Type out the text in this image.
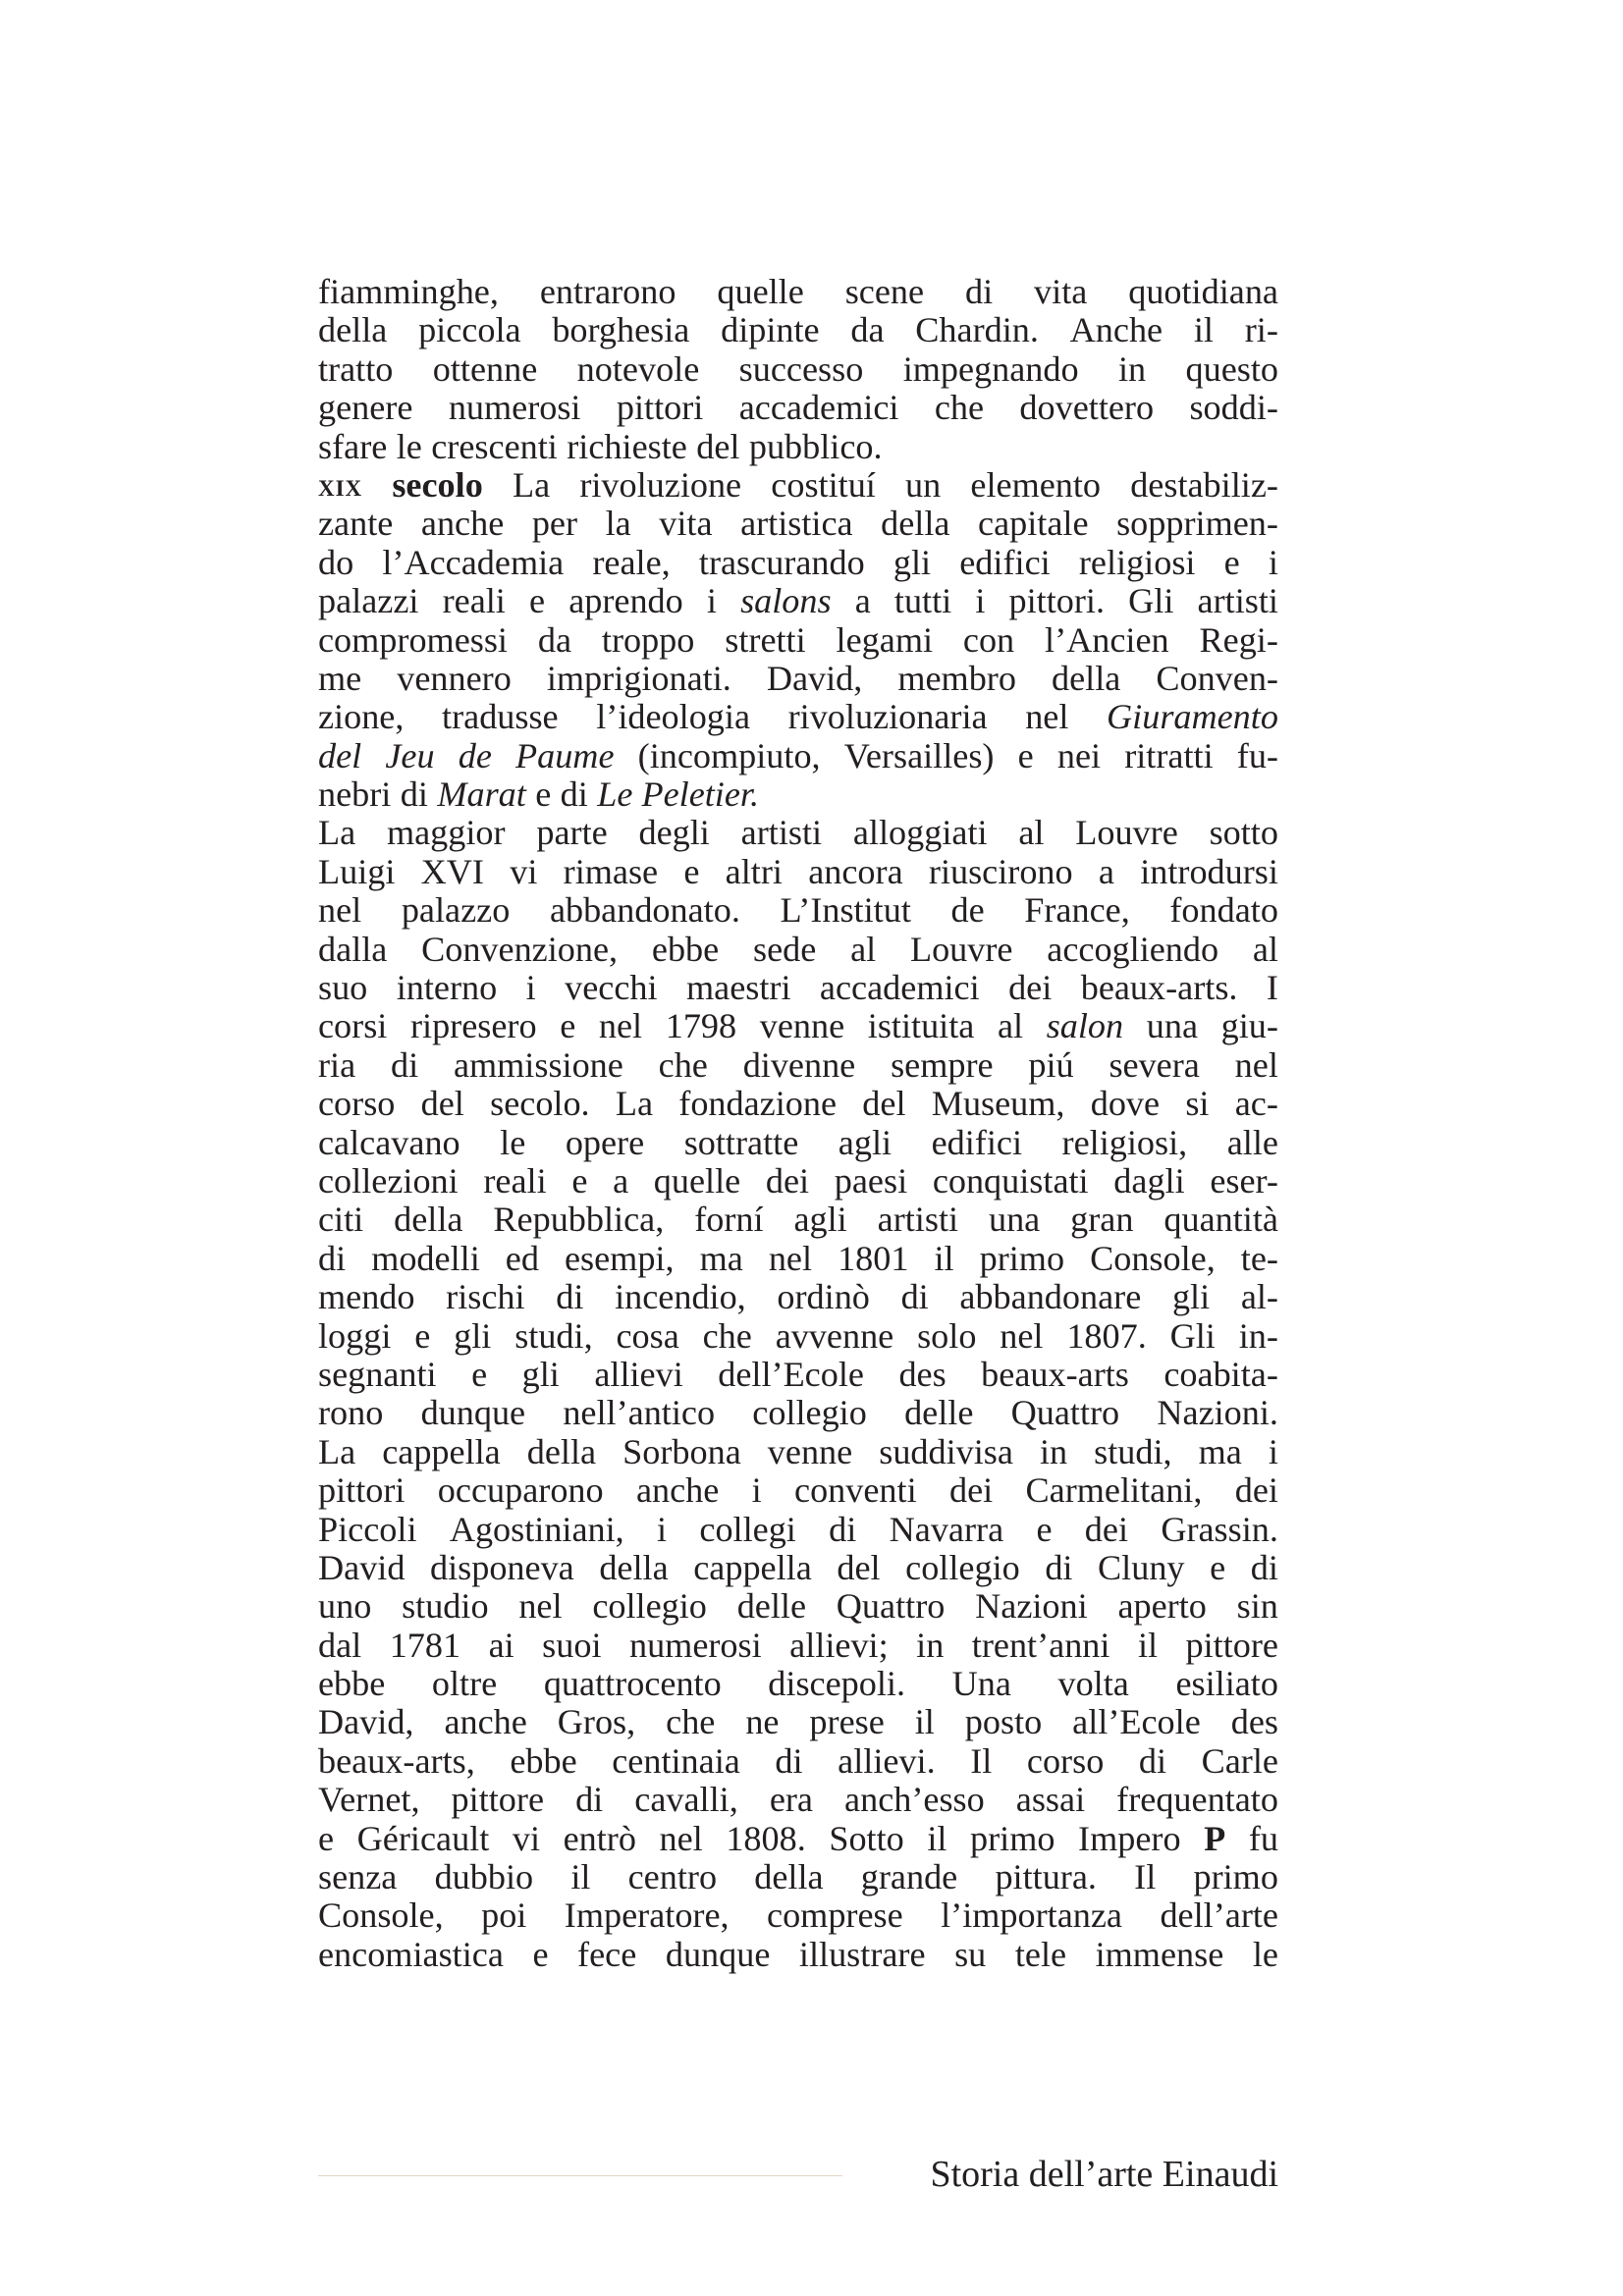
fiamminghe, entrarono quelle scene di vita quotidiana
della piccola borghesia dipinte da Chardin. Anche il ri-
tratto ottenne notevole successo impegnando in questo
genere numerosi pittori accademici che dovettero soddi-
sfare le crescenti richieste del pubblico.
xix secolo La rivoluzione costituí un elemento destabiliz-
zante anche per la vita artistica della capitale sopprimen-
do l’Accademia reale, trascurando gli edifici religiosi e i
palazzi reali e aprendo i salons a tutti i pittori. Gli artisti
compromessi da troppo stretti legami con l’Ancien Regi-
me vennero imprigionati. David, membro della Conven-
zione, tradusse l’ideologia rivoluzionaria nel Giuramento
del Jeu de Paume (incompiuto, Versailles) e nei ritratti fu-
nebri di Marat e di Le Peletier.
La maggior parte degli artisti alloggiati al Louvre sotto
Luigi XVI vi rimase e altri ancora riuscirono a introdursi
nel palazzo abbandonato. L’Institut de France, fondato
dalla Convenzione, ebbe sede al Louvre accogliendo al
suo interno i vecchi maestri accademici dei beaux-arts. I
corsi ripresero e nel 1798 venne istituita al salon una giu-
ria di ammissione che divenne sempre piú severa nel
corso del secolo. La fondazione del Museum, dove si ac-
calcavano le opere sottratte agli edifici religiosi, alle
collezioni reali e a quelle dei paesi conquistati dagli eser-
citi della Repubblica, forní agli artisti una gran quantità
di modelli ed esempi, ma nel 1801 il primo Console, te-
mendo rischi di incendio, ordinò di abbandonare gli al-
loggi e gli studi, cosa che avvenne solo nel 1807. Gli in-
segnanti e gli allievi dell’Ecole des beaux-arts coabita-
rono dunque nell’antico collegio delle Quattro Nazioni.
La cappella della Sorbona venne suddivisa in studi, ma i
pittori occuparono anche i conventi dei Carmelitani, dei
Piccoli Agostiniani, i collegi di Navarra e dei Grassin.
David disponeva della cappella del collegio di Cluny e di
uno studio nel collegio delle Quattro Nazioni aperto sin
dal 1781 ai suoi numerosi allievi; in trent’anni il pittore
ebbe oltre quattrocento discepoli. Una volta esiliato
David, anche Gros, che ne prese il posto all’Ecole des
beaux-arts, ebbe centinaia di allievi. Il corso di Carle
Vernet, pittore di cavalli, era anch’esso assai frequentato
e Géricault vi entrò nel 1808. Sotto il primo Impero P fu
senza dubbio il centro della grande pittura. Il primo
Console, poi Imperatore, comprese l’importanza dell’arte
encomiastica e fece dunque illustrare su tele immense le
Storia dell’arte Einaudi
